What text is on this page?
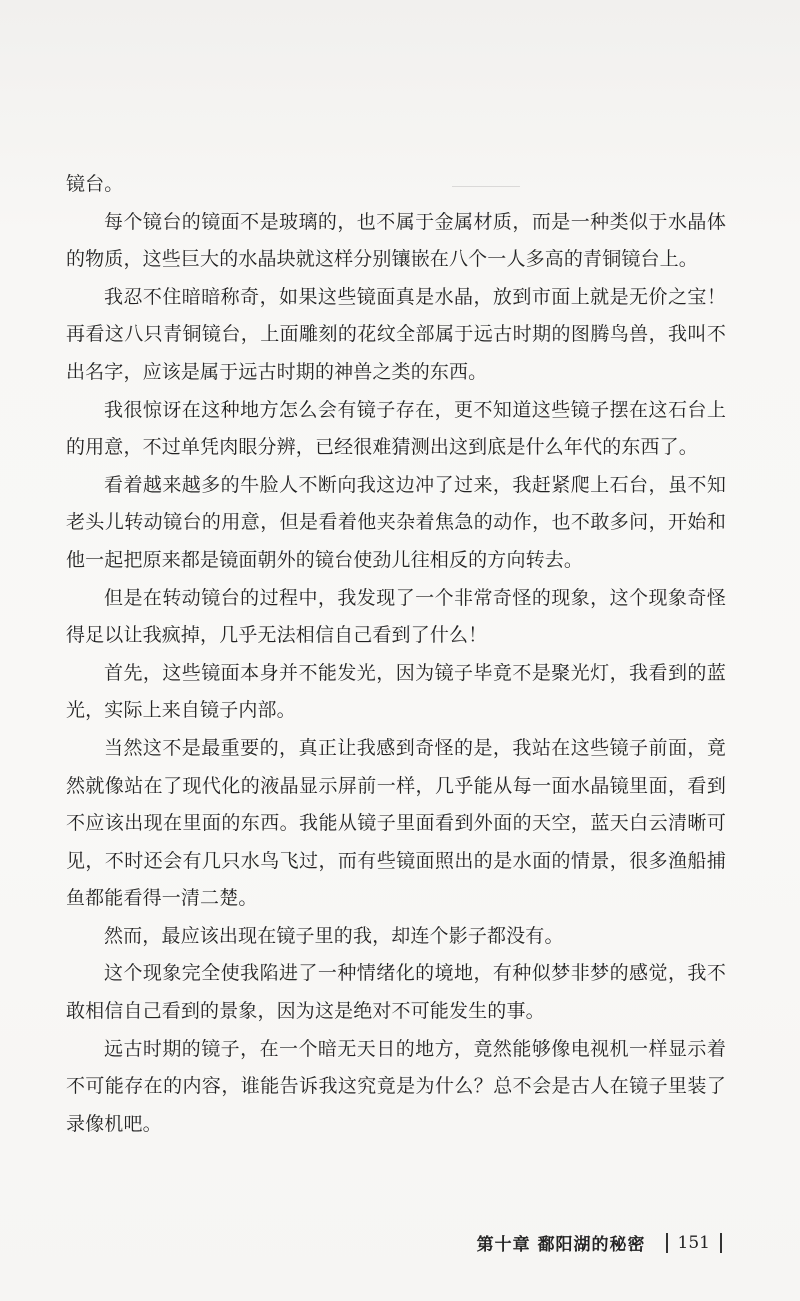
镜台。

每个镜台的镜面不是玻璃的，也不属于金属材质，而是一种类似于水晶体的物质，这些巨大的水晶块就这样分别镶嵌在八个一人多高的青铜镜台上。

我忍不住暗暗称奇，如果这些镜面真是水晶，放到市面上就是无价之宝！再看这八只青铜镜台，上面雕刻的花纹全部属于远古时期的图腾鸟兽，我叫不出名字，应该是属于远古时期的神兽之类的东西。

我很惊讶在这种地方怎么会有镜子存在，更不知道这些镜子摆在这石台上的用意，不过单凭肉眼分辨，已经很难猜测出这到底是什么年代的东西了。

看着越来越多的牛脸人不断向我这边冲了过来，我赶紧爬上石台，虽不知老头儿转动镜台的用意，但是看着他夹杂着焦急的动作，也不敢多问，开始和他一起把原来都是镜面朝外的镜台使劲儿往相反的方向转去。

但是在转动镜台的过程中，我发现了一个非常奇怪的现象，这个现象奇怪得足以让我疯掉，几乎无法相信自己看到了什么！

首先，这些镜面本身并不能发光，因为镜子毕竟不是聚光灯，我看到的蓝光，实际上来自镜子内部。

当然这不是最重要的，真正让我感到奇怪的是，我站在这些镜子前面，竟然就像站在了现代化的液晶显示屏前一样，几乎能从每一面水晶镜里面，看到不应该出现在里面的东西。我能从镜子里面看到外面的天空，蓝天白云清晰可见，不时还会有几只水鸟飞过，而有些镜面照出的是水面的情景，很多渔船捕鱼都能看得一清二楚。

然而，最应该出现在镜子里的我，却连个影子都没有。

这个现象完全使我陷进了一种情绪化的境地，有种似梦非梦的感觉，我不敢相信自己看到的景象，因为这是绝对不可能发生的事。

远古时期的镜子，在一个暗无天日的地方，竟然能够像电视机一样显示着不可能存在的内容，谁能告诉我这究竟是为什么？总不会是古人在镜子里装了录像机吧。

第十章 鄱阳湖的秘密 151
